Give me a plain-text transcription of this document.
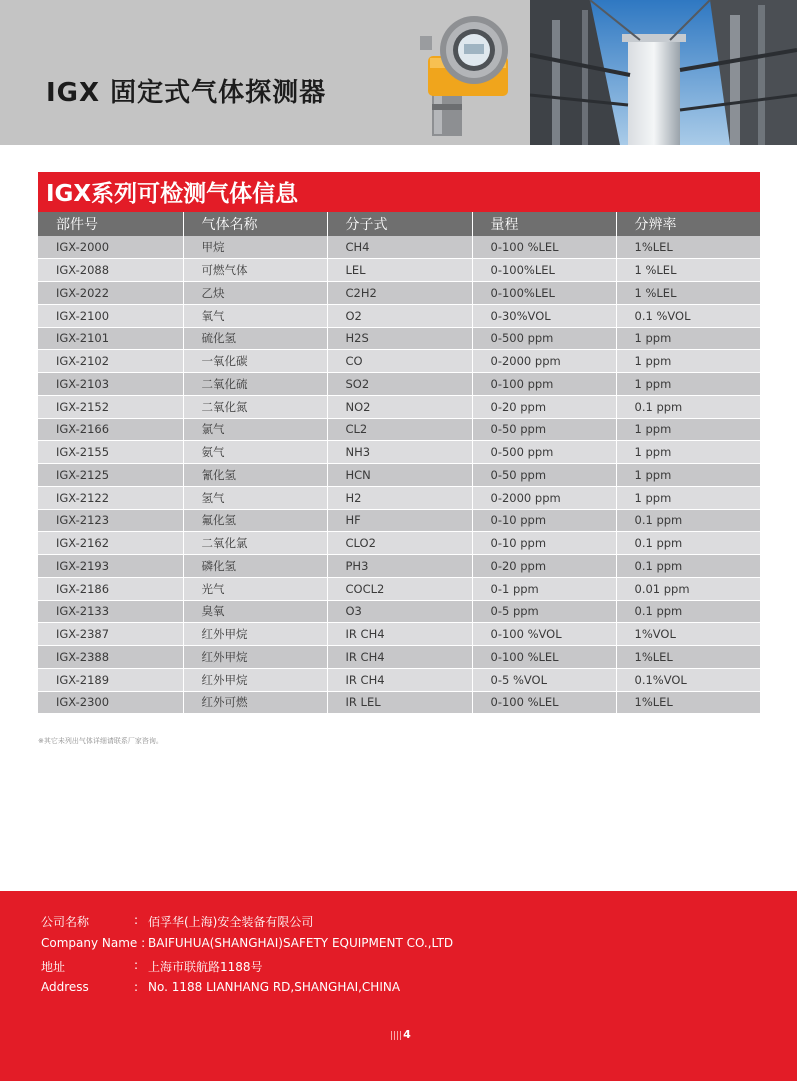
IGX 固定式气体探测器
IGX系列可检测气体信息
部件号	气体名称	分子式	量程	分辨率
IGX-2000	甲烷	CH4	0-100 %LEL	1%LEL
IGX-2088	可燃气体	LEL	0-100%LEL	1 %LEL
IGX-2022	乙炔	C2H2	0-100%LEL	1 %LEL
IGX-2100	氧气	O2	0-30%VOL	0.1 %VOL
IGX-2101	硫化氢	H2S	0-500 ppm	1 ppm
IGX-2102	一氧化碳	CO	0-2000 ppm	1 ppm
IGX-2103	二氧化硫	SO2	0-100 ppm	1 ppm
IGX-2152	二氧化氮	NO2	0-20 ppm	0.1 ppm
IGX-2166	氯气	CL2	0-50 ppm	1 ppm
IGX-2155	氨气	NH3	0-500 ppm	1 ppm
IGX-2125	氰化氢	HCN	0-50 ppm	1 ppm
IGX-2122	氢气	H2	0-2000 ppm	1 ppm
IGX-2123	氟化氢	HF	0-10 ppm	0.1 ppm
IGX-2162	二氧化氯	CLO2	0-10 ppm	0.1 ppm
IGX-2193	磷化氢	PH3	0-20 ppm	0.1 ppm
IGX-2186	光气	COCL2	0-1 ppm	0.01 ppm
IGX-2133	臭氧	O3	0-5 ppm	0.1 ppm
IGX-2387	红外甲烷	IR CH4	0-100 %VOL	1%VOL
IGX-2388	红外甲烷	IR CH4	0-100 %LEL	1%LEL
IGX-2189	红外甲烷	IR CH4	0-5 %VOL	0.1%VOL
IGX-2300	红外可燃	IR LEL	0-100 %LEL	1%LEL
※其它未列出气体详细请联系厂家咨询。
公司名称	: 佰孚华(上海)安全装备有限公司
Company Name : BAIFUHUA(SHANGHAI)SAFETY EQUIPMENT CO.,LTD
地址	: 上海市联航路1188号
Address	: No. 1188 LIANHANG RD,SHANGHAI,CHINA
||||4
